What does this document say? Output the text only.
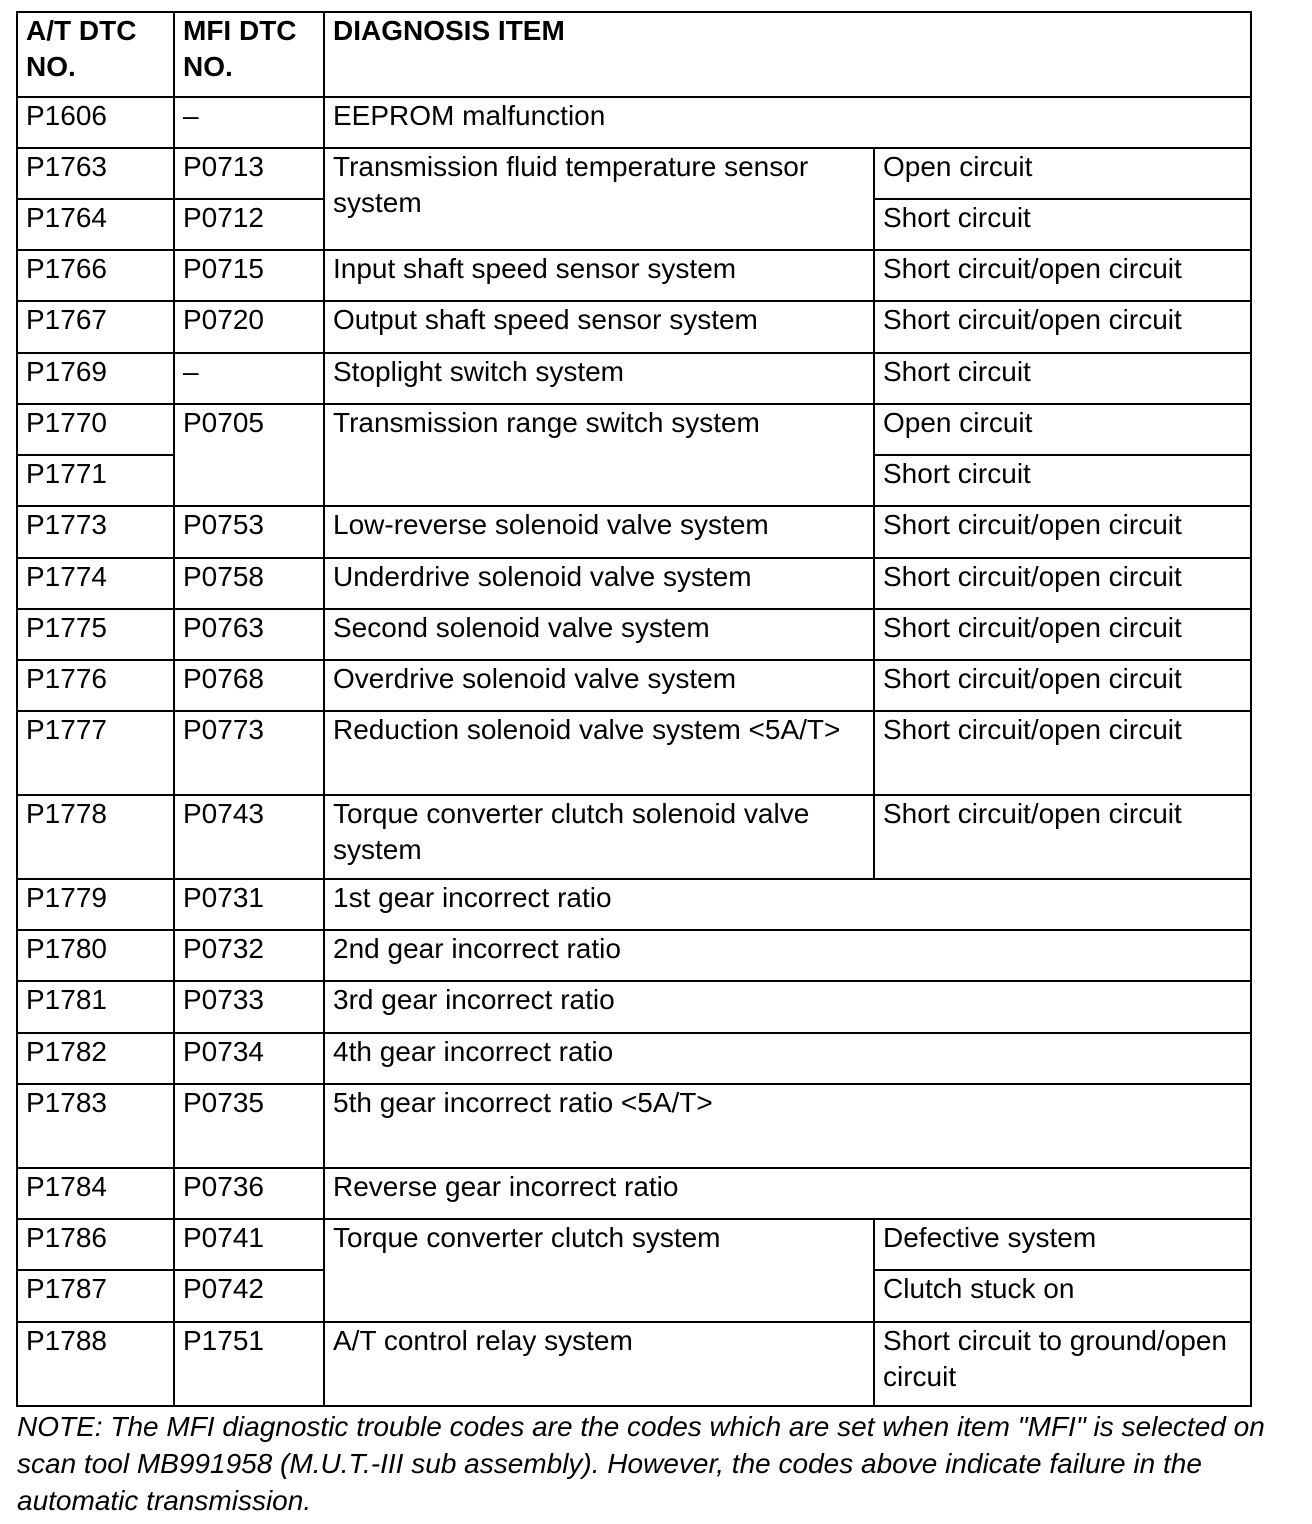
A/T DTC NO.	MFI DTC NO.	DIAGNOSIS ITEM	
P1606	–	EEPROM malfunction	
P1763	P0713	Transmission fluid temperature sensor system	Open circuit
P1764	P0712		Short circuit
P1766	P0715	Input shaft speed sensor system	Short circuit/open circuit
P1767	P0720	Output shaft speed sensor system	Short circuit/open circuit
P1769	–	Stoplight switch system	Short circuit
P1770	P0705	Transmission range switch system	Open circuit
P1771			Short circuit
P1773	P0753	Low-reverse solenoid valve system	Short circuit/open circuit
P1774	P0758	Underdrive solenoid valve system	Short circuit/open circuit
P1775	P0763	Second solenoid valve system	Short circuit/open circuit
P1776	P0768	Overdrive solenoid valve system	Short circuit/open circuit
P1777	P0773	Reduction solenoid valve system <5A/T>	Short circuit/open circuit
P1778	P0743	Torque converter clutch solenoid valve system	Short circuit/open circuit
P1779	P0731	1st gear incorrect ratio	
P1780	P0732	2nd gear incorrect ratio	
P1781	P0733	3rd gear incorrect ratio	
P1782	P0734	4th gear incorrect ratio	
P1783	P0735	5th gear incorrect ratio <5A/T>	
P1784	P0736	Reverse gear incorrect ratio	
P1786	P0741	Torque converter clutch system	Defective system
P1787	P0742		Clutch stuck on
P1788	P1751	A/T control relay system	Short circuit to ground/open circuit

NOTE: The MFI diagnostic trouble codes are the codes which are set when item "MFI" is selected on scan tool MB991958 (M.U.T.-III sub assembly). However, the codes above indicate failure in the automatic transmission.
